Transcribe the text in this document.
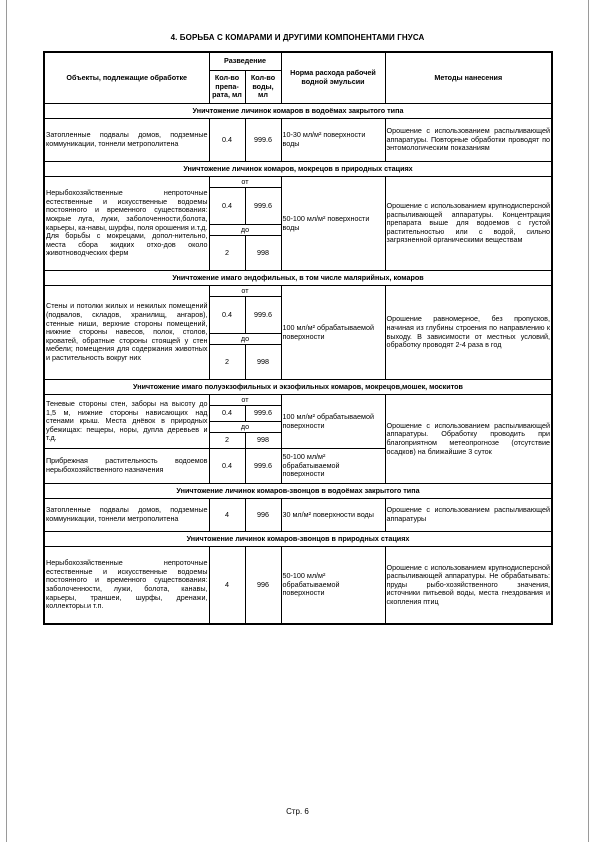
4. БОРЬБА С КОМАРАМИ И ДРУГИМИ КОМПОНЕНТАМИ ГНУСА
Объекты, подлежащие обработке	Разведение		Норма расхода рабочей водной эмульсии	Методы нанесения
	Кол-во препа-рата, мл	Кол-во воды, мл		
Уничтожение личинок комаров в водоёмах закрытого типа				
Затопленные подвалы домов, подземные коммуникации, тоннели метрополитена	0.4	999.6	10-30 мл/м² поверхности воды	Орошение с использованием распыливающей аппаратуры. Повторные обработки проводят по энтомологическим показаниям
Уничтожение личинок комаров, мокрецов в природных стациях				
Нерыбохозяйственные непроточные естественные и искусственные водоемы постоянного и временного существования: мокрые луга, лужи, заболоченности,болота, карьеры, ка-навы, шурфы, поля орошения и.т.д. Для борьбы с мокрецами, допол-нительно, места сбора жидких отхо-дов около животноводческих ферм	от		50-100 мл/м² поверхности воды	Орошение с использованием крупнодисперсной распыливающей аппаратуры. Концентрация препарата выше для водоемов с густой растительностью или с водой, сильно загрязненной органическими веществам
	0.4	999.6		
	до			
	2	998		
Уничтожение имаго эндофильных, в том числе малярийных, комаров				
Стены и потолки жилых и нежилых помещений (подвалов, складов, хранилищ, ангаров), стенные ниши, верхние стороны помещений, нижние стороны навесов, полок, столов, кроватей, обратные стороны стоящей у стен мебели; помещения для содержания животных и растительность вокруг них	от		100 мл/м² обрабатываемой поверхности	Орошение равномерное, без пропусков, начиная из глубины строения по направлению к выходу. В зависимости от местных условий, обработку проводят 2-4 раза в год
	0.4	999.6		
	до			
	2	998		
Уничтожение имаго полуэкзофильных и экзофильных комаров, мокрецов,мошек, москитов				
Теневые стороны стен, заборы на высоту до 1,5 м, нижние стороны нависающих над стенами крыш. Места днёвок в природных убежищах: пещеры, норы, дупла деревьев и т.д.	от		100 мл/м² обрабатываемой поверхности	Орошение с использованием распыливающей аппаратуры. Обработку проводить при благоприятном метеопрогнозе (отсутствие осадков) на ближайшие 3 суток
	0.4	999.6		
	до			
	2	998		
Прибрежная растительность водоемов нерыбохозяйственного назначения	0.4	999.6	50-100 мл/м² обрабатываемой поверхности	
Уничтожение личинок комаров-звонцов в водоёмах закрытого типа				
Затопленные подвалы домов, подземные коммуникации, тоннели метрополитена	4	996	30 мл/м² поверхности воды	Орошение с использованием распыливающей аппаратуры
Уничтожение личинок комаров-звонцов в природных стациях				
Нерыбохозяйственные непроточные естественные и искусственные водоемы постоянного и временного существования: заболоченности, лужи, болота, канавы, карьеры, траншеи, шурфы, дренажи, коллекторы.и т.п.	4	996	50-100 мл/м² обрабатываемой поверхности	Орошение с использованием крупнодисперсной распыливающей аппаратуры. Не обрабатывать: пруды рыбо-хозяйственного значения, источники питьевой воды, места гнездования и скопления птиц
Стр. 6
